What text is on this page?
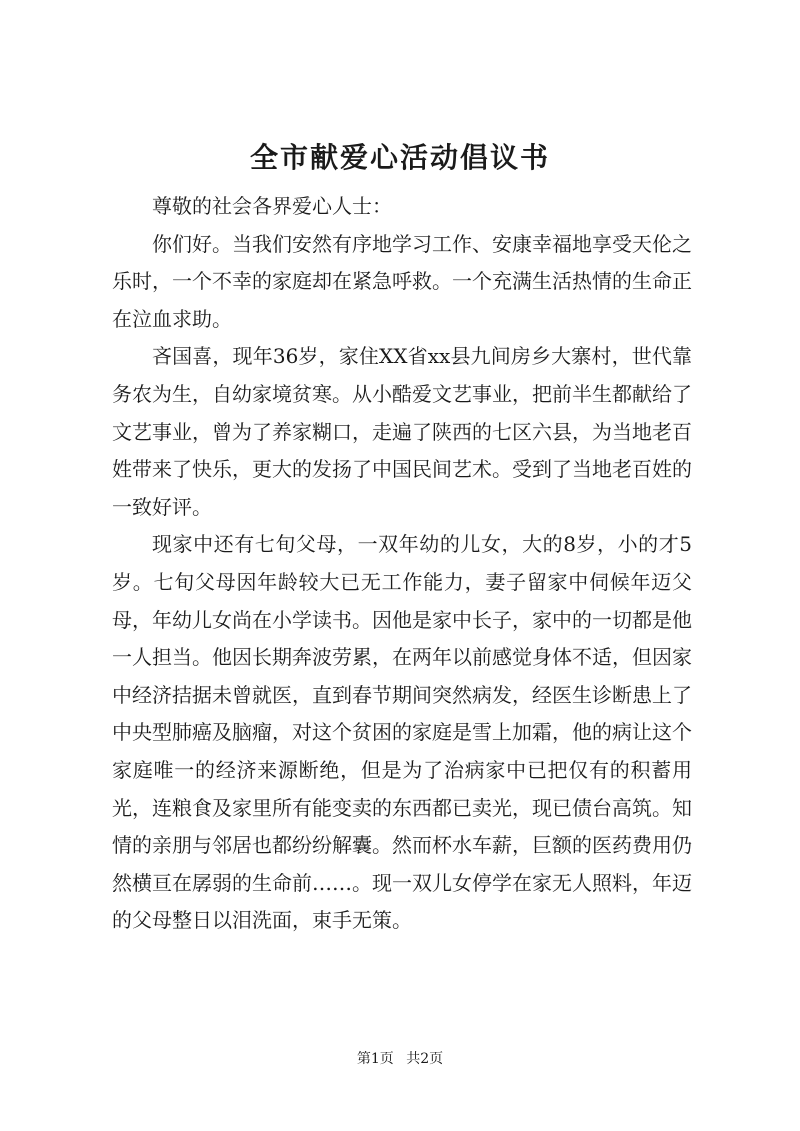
全市献爱心活动倡议书

尊敬的社会各界爱心人士：

你们好。当我们安然有序地学习工作、安康幸福地享受天伦之乐时，一个不幸的家庭却在紧急呼救。一个充满生活热情的生命正在泣血求助。

吝国喜，现年36岁，家住XX省xx县九间房乡大寨村，世代靠务农为生，自幼家境贫寒。从小酷爱文艺事业，把前半生都献给了文艺事业，曾为了养家糊口，走遍了陕西的七区六县，为当地老百姓带来了快乐，更大的发扬了中国民间艺术。受到了当地老百姓的一致好评。

现家中还有七旬父母，一双年幼的儿女，大的8岁，小的才5岁。七旬父母因年龄较大已无工作能力，妻子留家中伺候年迈父母，年幼儿女尚在小学读书。因他是家中长子，家中的一切都是他一人担当。他因长期奔波劳累，在两年以前感觉身体不适，但因家中经济拮据未曾就医，直到春节期间突然病发，经医生诊断患上了中央型肺癌及脑瘤，对这个贫困的家庭是雪上加霜，他的病让这个家庭唯一的经济来源断绝，但是为了治病家中已把仅有的积蓄用光，连粮食及家里所有能变卖的东西都已卖光，现已债台高筑。知情的亲朋与邻居也都纷纷解囊。然而杯水车薪，巨额的医药费用仍然横亘在孱弱的生命前……。现一双儿女停学在家无人照料，年迈的父母整日以泪洗面，束手无策。

第1页 共2页
